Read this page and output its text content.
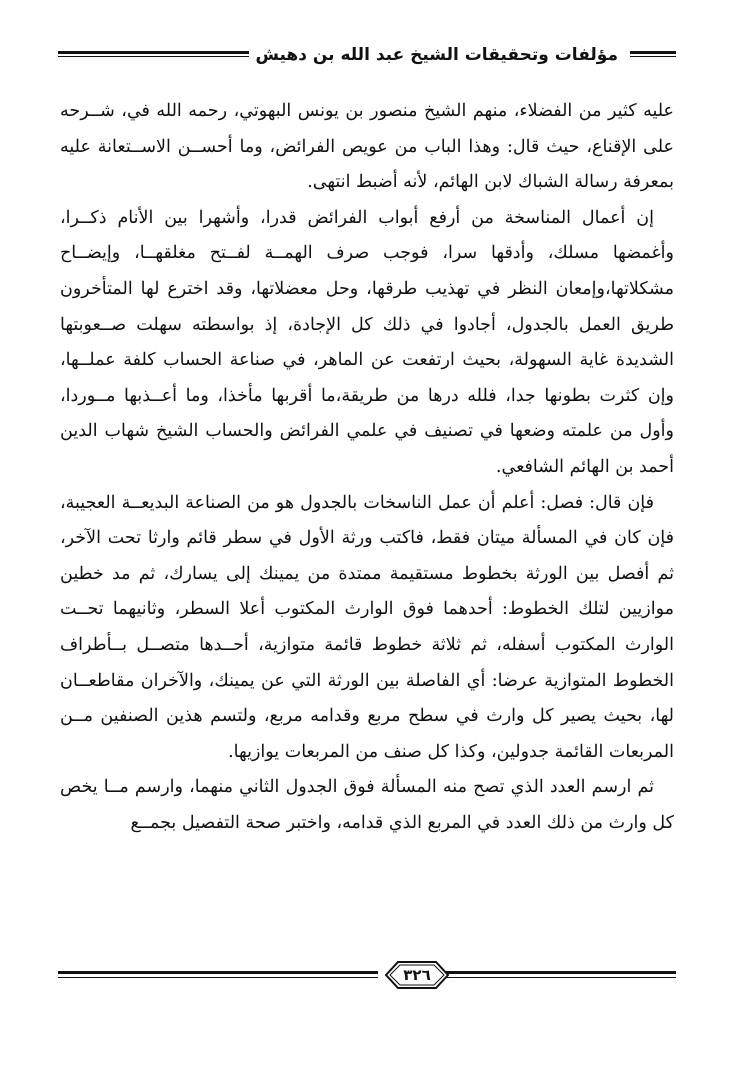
مؤلفات وتحقيقات الشيخ عبد الله بن دهيش

عليه كثير من الفضلاء، منهم الشيخ منصور بن يونس البهوتي، رحمه الله في، شــرحه على الإقناع، حيث قال: وهذا الباب من عويص الفرائض، وما أحســن الاســتعانة عليه بمعرفة رسالة الشباك لابن الهائم، لأنه أضبط انتهى.

إن أعمال المناسخة من أرفع أبواب الفرائض قدرا، وأشهرا بين الأنام ذكــرا، وأغمضها مسلك، وأدقها سرا، فوجب صرف الهمــة لفــتح مغلقهــا، وإيضــاح مشكلاتها،وإمعان النظر في تهذيب طرقها، وحل معضلاتها، وقد اخترع لها المتأخرون طريق العمل بالجدول، أجادوا في ذلك كل الإجادة، إذ بواسطته سهلت صــعوبتها الشديدة غاية السهولة، بحيث ارتفعت عن الماهر، في صناعة الحساب كلفة عملــها، وإن كثرت بطونها جدا، فلله درها من طريقة،ما أقربها مأخذا، وما أعــذبها مــوردا، وأول من علمته وضعها في تصنيف في علمي الفرائض والحساب الشيخ شهاب الدين أحمد بن الهائم الشافعي.

فإن قال: فصل: أعلم أن عمل الناسخات بالجدول هو من الصناعة البديعــة العجيبة، فإن كان في المسألة ميتان فقط، فاكتب ورثة الأول في سطر قائم وارثا تحت الآخر، ثم أفصل بين الورثة بخطوط مستقيمة ممتدة من يمينك إلى يسارك، ثم مد خطين موازيين لتلك الخطوط: أحدهما فوق الوارث المكتوب أعلا السطر، وثانيهما تحــت الوارث المكتوب أسفله، ثم ثلاثة خطوط قائمة متوازية، أحــدها متصــل بــأطراف الخطوط المتوازية عرضا: أي الفاصلة بين الورثة التي عن يمينك، والآخران مقاطعــان لها، بحيث يصير كل وارث في سطح مربع وقدامه مربع، ولتسم هذين الصنفين مــن المربعات القائمة جدولين، وكذا كل صنف من المربعات يوازيها.

ثم ارسم العدد الذي تصح منه المسألة فوق الجدول الثاني منهما، وارسم مــا يخص كل وارث من ذلك العدد في المربع الذي قدامه، واختبر صحة التفصيل بجمــع

٣٢٦
